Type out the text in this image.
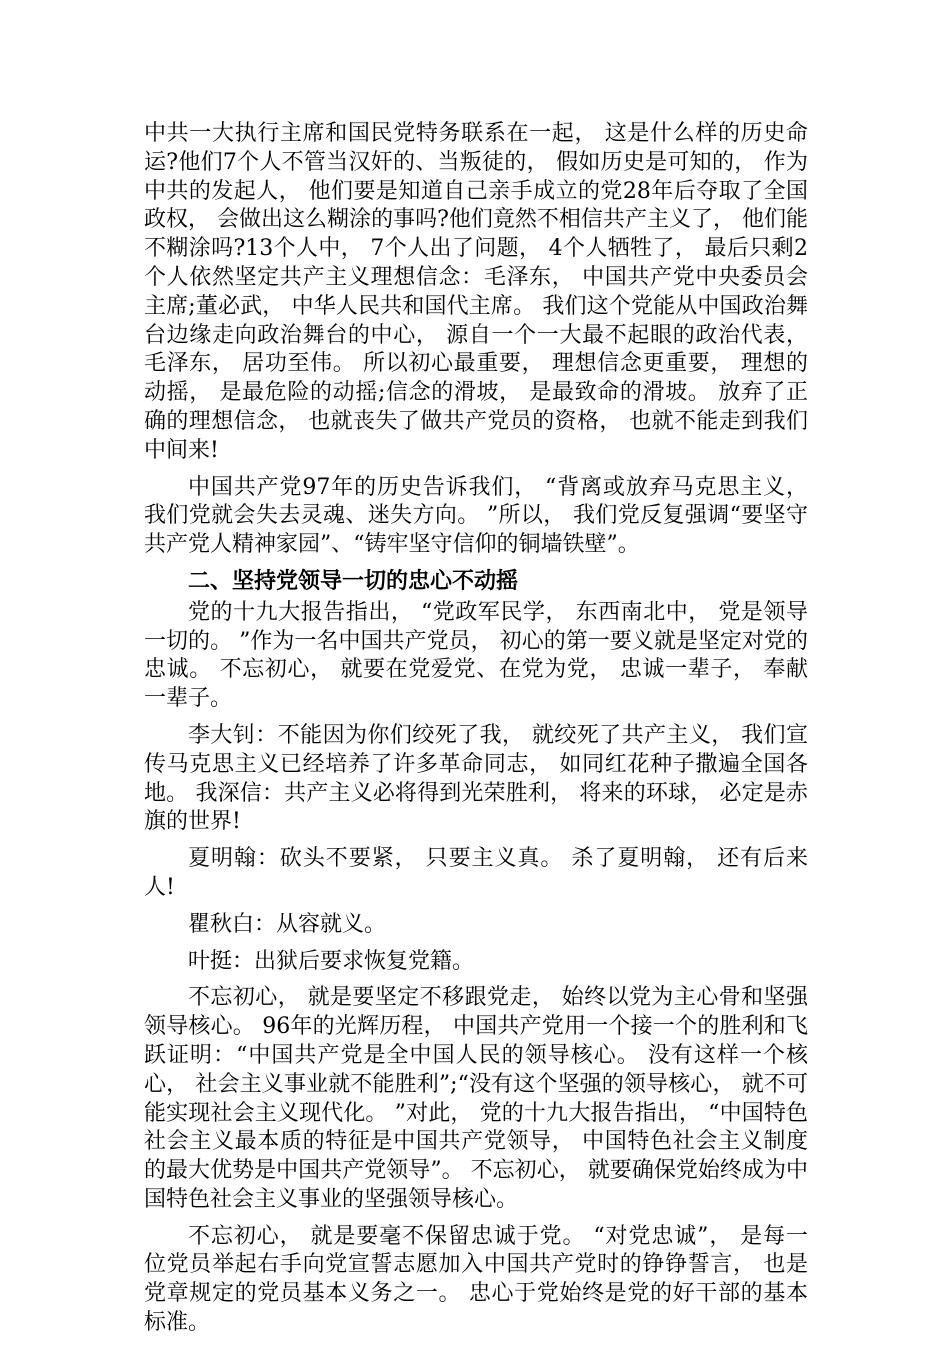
中共一大执行主席和国民党特务联系在一起， 这是什么样的历史命运?他们7个人不管当汉奸的、当叛徒的， 假如历史是可知的， 作为中共的发起人， 他们要是知道自己亲手成立的党28年后夺取了全国政权， 会做出这么糊涂的事吗?他们竟然不相信共产主义了， 他们能不糊涂吗?13个人中， 7个人出了问题， 4个人牺牲了， 最后只剩2个人依然坚定共产主义理想信念：毛泽东， 中国共产党中央委员会主席;董必武， 中华人民共和国代主席。 我们这个党能从中国政治舞台边缘走向政治舞台的中心， 源自一个一大最不起眼的政治代表， 毛泽东， 居功至伟。 所以初心最重要， 理想信念更重要， 理想的动摇， 是最危险的动摇;信念的滑坡， 是最致命的滑坡。 放弃了正确的理想信念， 也就丧失了做共产党员的资格， 也就不能走到我们中间来!

中国共产党97年的历史告诉我们， “背离或放弃马克思主义， 我们党就会失去灵魂、迷失方向。 ”所以， 我们党反复强调“要坚守共产党人精神家园”、“铸牢坚守信仰的铜墙铁壁”。

二、坚持党领导一切的忠心不动摇

党的十九大报告指出， “党政军民学， 东西南北中， 党是领导一切的。 ”作为一名中国共产党员， 初心的第一要义就是坚定对党的忠诚。 不忘初心， 就要在党爱党、在党为党， 忠诚一辈子， 奉献一辈子。

李大钊：不能因为你们绞死了我， 就绞死了共产主义， 我们宣传马克思主义已经培养了许多革命同志， 如同红花种子撒遍全国各地。 我深信：共产主义必将得到光荣胜利， 将来的环球， 必定是赤旗的世界!

夏明翰：砍头不要紧， 只要主义真。 杀了夏明翰， 还有后来人!

瞿秋白：从容就义。

叶挺：出狱后要求恢复党籍。

不忘初心， 就是要坚定不移跟党走， 始终以党为主心骨和坚强领导核心。 96年的光辉历程， 中国共产党用一个接一个的胜利和飞跃证明：“中国共产党是全中国人民的领导核心。 没有这样一个核心， 社会主义事业就不能胜利”;“没有这个坚强的领导核心， 就不可能实现社会主义现代化。 ”对此， 党的十九大报告指出， “中国特色社会主义最本质的特征是中国共产党领导， 中国特色社会主义制度的最大优势是中国共产党领导”。 不忘初心， 就要确保党始终成为中国特色社会主义事业的坚强领导核心。

不忘初心， 就是要毫不保留忠诚于党。 “对党忠诚”， 是每一 位党员举起右手向党宣誓志愿加入中国共产党时的铮铮誓言， 也是党章规定的党员基本义务之一。 忠心于党始终是党的好干部的基本标准。
